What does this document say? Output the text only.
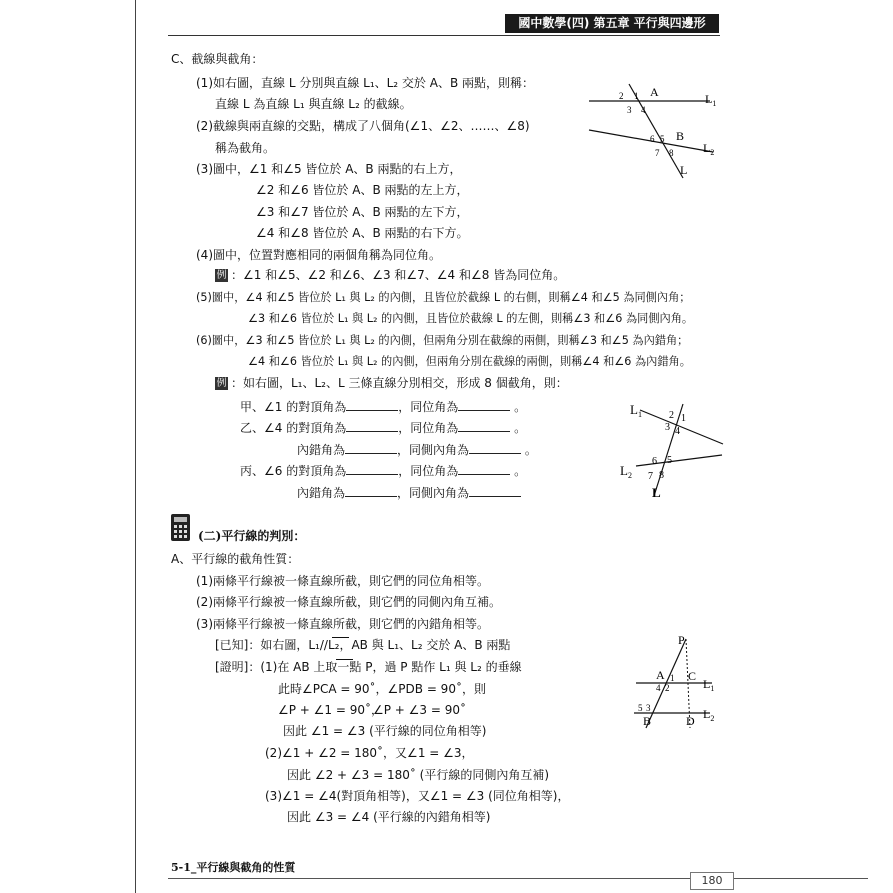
國中數學(四) 第五章 平行與四邊形
C、截線與截角：
(1)如右圖，直線 L 分別與直線 L₁、L₂ 交於 A、B 兩點，則稱：
直線 L 為直線 L₁ 與直線 L₂ 的截線。
(2)截線與兩直線的交點，構成了八個角(∠1、∠2、……、∠8)
稱為截角。
(3)圖中，∠1 和∠5 皆位於 A、B 兩點的右上方，
∠2 和∠6 皆位於 A、B 兩點的左上方，
∠3 和∠7 皆位於 A、B 兩點的左下方，
∠4 和∠8 皆位於 A、B 兩點的右下方。
(4)圖中，位置對應相同的兩個角稱為同位角。
例 ：∠1 和∠5、∠2 和∠6、∠3 和∠7、∠4 和∠8 皆為同位角。
(5)圖中，∠4 和∠5 皆位於 L₁ 與 L₂ 的內側，且皆位於截線 L 的右側，則稱∠4 和∠5 為同側內角；
∠3 和∠6 皆位於 L₁ 與 L₂ 的內側，且皆位於截線 L 的左側，則稱∠3 和∠6 為同側內角。
(6)圖中，∠3 和∠5 皆位於 L₁ 與 L₂ 的內側，但兩角分別在截線的兩側，則稱∠3 和∠5 為內錯角；
∠4 和∠6 皆位於 L₁ 與 L₂ 的內側，但兩角分別在截線的兩側，則稱∠4 和∠6 為內錯角。
例 ：如右圖，L₁、L₂、L 三條直線分別相交，形成 8 個截角，則：
甲、∠1 的對頂角為	，同位角為	。
乙、∠4 的對頂角為	，同位角為	。
內錯角為	，同側內角為	。
丙、∠6 的對頂角為	，同位角為	。
內錯角為	，同側內角為
(二)平行線的判別：
A、平行線的截角性質：
(1)兩條平行線被一條直線所截，則它們的同位角相等。
(2)兩條平行線被一條直線所截，則它們的同側內角互補。
(3)兩條平行線被一條直線所截，則它們的內錯角相等。
[已知]：如右圖，L₁//L₂，AB 與 L₁、L₂ 交於 A、B 兩點
[證明]：(1)在 AB 上取一點 P，過 P 點作 L₁ 與 L₂ 的垂線
此時∠PCA = 90˚，∠PDB = 90˚，則
∠P + ∠1 = 90˚，
∠P + ∠3 = 90˚
因此 ∠1 = ∠3 (平行線的同位角相等)
(2)∠1 + ∠2 = 180˚，又∠1 = ∠3，
因此 ∠2 + ∠3 = 180˚ (平行線的同側內角互補)
(3)∠1 = ∠4(對頂角相等)，又∠1 = ∠3 (同位角相等)，
因此 ∠3 = ∠4 (平行線的內錯角相等)
A
B
$L_1$
$L_2$
L
1
2
3 4
5
6
7 8
$L_1$
$L_2$
L
1
2
3 4
5
6
7 8
P
A C
B	D
$L_1$
$L_2$
1
2
3
4
5
5-1_平行線與截角的性質
180
